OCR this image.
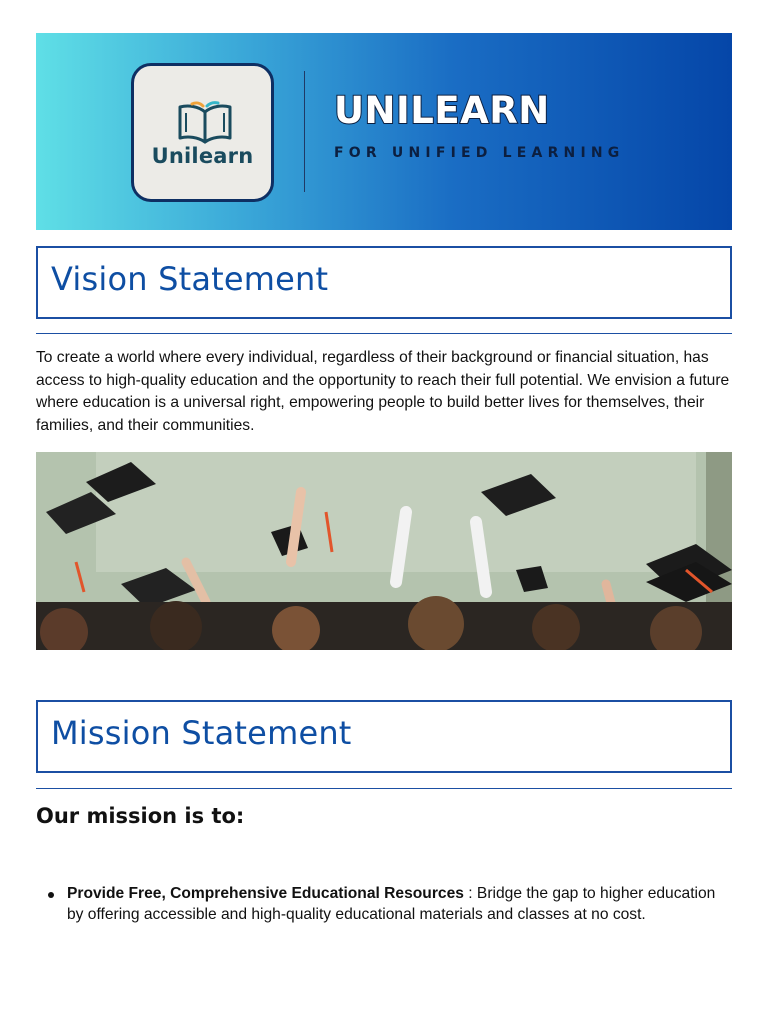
Unilearn
UNILEARN
FOR UNIFIED LEARNING
Vision Statement

To create a world where every individual, regardless of their background or financial situation, has access to high-quality education and the opportunity to reach their full potential. We envision a future where education is a universal right, empowering people to build better lives for themselves, their families, and their communities.

Mission Statement
Our mission is to:
Provide Free, Comprehensive Educational Resources : Bridge the gap to higher education by offering accessible and high-quality educational materials and classes at no cost.
